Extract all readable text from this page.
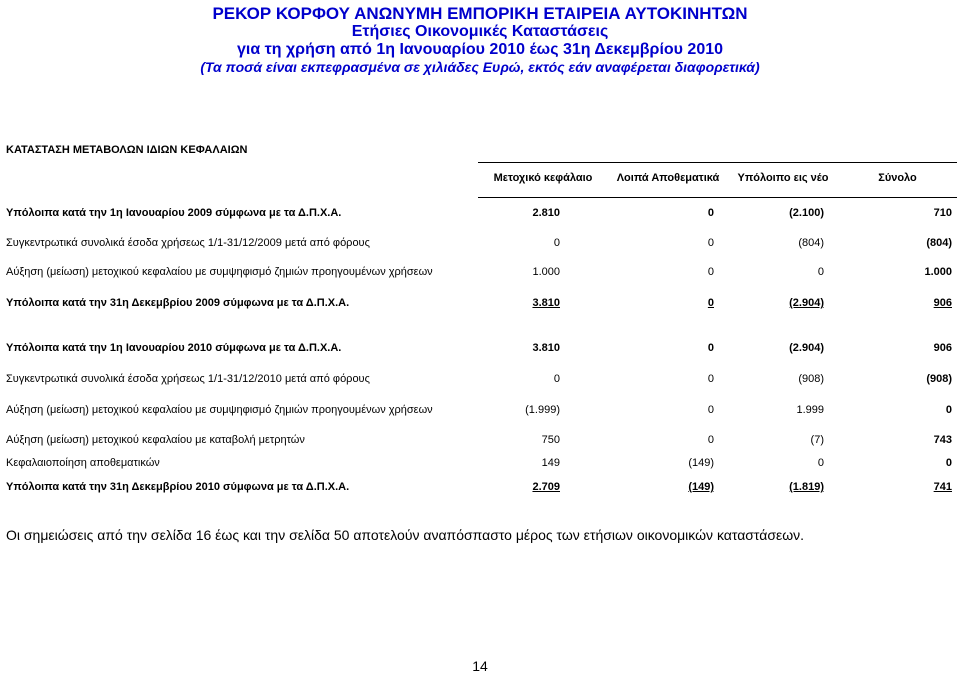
ΡΕΚΟΡ ΚΟΡΦΟΥ ΑΝΩΝΥΜΗ ΕΜΠΟΡΙΚΗ ΕΤΑΙΡΕΙΑ ΑΥΤΟΚΙΝΗΤΩΝ
Ετήσιες Οικονομικές Καταστάσεις
για τη χρήση από 1η Ιανουαρίου 2010 έως 31η Δεκεμβρίου 2010
(Τα ποσά είναι εκπεφρασμένα σε χιλιάδες Ευρώ, εκτός εάν αναφέρεται διαφορετικά)
ΚΑΤΑΣΤΑΣΗ ΜΕΤΑΒΟΛΩΝ ΙΔΙΩΝ ΚΕΦΑΛΑΙΩΝ
Μετοχικό κεφάλαιο	Λοιπά Αποθεματικά	Υπόλοιπο εις νέο	Σύνολο
Υπόλοιπα κατά την 1η Ιανουαρίου 2009 σύμφωνα με τα Δ.Π.Χ.Α.	2.810	0	(2.100)	710
Συγκεντρωτικά συνολικά έσοδα χρήσεως 1/1-31/12/2009 μετά από φόρους	0	0	(804)	(804)
Αύξηση (μείωση) μετοχικού κεφαλαίου με συμψηφισμό ζημιών προηγουμένων χρήσεων	1.000	0	0	1.000
Υπόλοιπα κατά την 31η Δεκεμβρίου 2009 σύμφωνα με τα Δ.Π.Χ.Α.	3.810	0	(2.904)	906
Υπόλοιπα κατά την 1η Ιανουαρίου 2010 σύμφωνα με τα Δ.Π.Χ.Α.	3.810	0	(2.904)	906
Συγκεντρωτικά συνολικά έσοδα χρήσεως 1/1-31/12/2010 μετά από φόρους	0	0	(908)	(908)
Αύξηση (μείωση) μετοχικού κεφαλαίου με συμψηφισμό ζημιών προηγουμένων χρήσεων	(1.999)	0	1.999	0
Αύξηση (μείωση) μετοχικού κεφαλαίου με καταβολή μετρητών	750	0	(7)	743
Κεφαλαιοποίηση αποθεματικών	149	(149)	0	0
Υπόλοιπα κατά την 31η Δεκεμβρίου 2010 σύμφωνα με τα Δ.Π.Χ.Α.	2.709	(149)	(1.819)	741
Οι σημειώσεις από την σελίδα 16 έως και την σελίδα 50 αποτελούν αναπόσπαστο μέρος των ετήσιων οικονομικών καταστάσεων.
14
